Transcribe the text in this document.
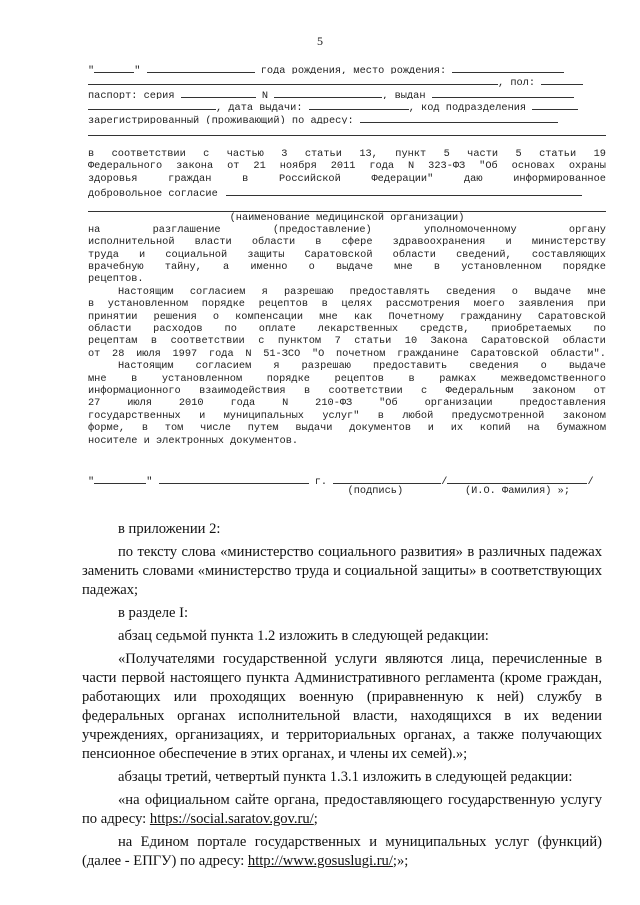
5
"	"	года рождения, место рождения:
, пол:
паспорт: серия	N	, выдан
, дата выдачи:	, код подразделения
зарегистрированный (проживающий) по адресу:
в соответствии с частью 3 статьи 13, пункт 5 части 5 статьи 19
Федерального закона от 21 ноября 2011 года N 323-ФЗ "Об основах охраны
здоровья	граждан	в	Российской	Федерации"	даю	информированное
добровольное согласие
(наименование медицинской организации)
на	разглашение	(предоставление)	уполномоченному	органу
исполнительной власти области в сфере здравоохранения и министерству
труда и социальной защиты Саратовской области сведений, составляющих
врачебную тайну, а именно о выдаче мне в установленном порядке
рецептов.
Настоящим согласием я разрешаю предоставлять сведения о выдаче мне
в установленном порядке рецептов в целях рассмотрения моего заявления при
принятии решения о компенсации мне как Почетному гражданину Саратовской
области расходов по оплате лекарственных средств, приобретаемых по
рецептам в соответствии с пунктом 7 статьи 10 Закона Саратовской области
от 28 июля 1997 года N 51-ЗСО "О почетном гражданине Саратовской области".
Настоящим согласием я разрешаю предоставить сведения о выдаче
мне в установленном порядке рецептов в рамках межведомственного
информационного взаимодействия в соответствии с Федеральным законом от
27	июля	2010	года	N	210-ФЗ	"Об	организации	предоставления
государственных и муниципальных услуг" в любой предусмотренной законом
форме, в том числе путем выдачи документов и их копий на бумажном
носителе и электронных документов.
"	"	г.	/	/
(подпись)	(И.О. Фамилия) »;

в приложении 2:

по тексту слова «министерство социального развития» в различных падежах заменить словами «министерство труда и социальной защиты» в соответствующих падежах;

в разделе I:

абзац седьмой пункта 1.2 изложить в следующей редакции:

«Получателями государственной услуги являются лица, перечисленные в части первой настоящего пункта Административного регламента (кроме граждан, работающих или проходящих военную (приравненную к ней) службу в федеральных органах исполнительной власти, находящихся в их ведении учреждениях, организациях, и территориальных органах, а также получающих пенсионное обеспечение в этих органах, и члены их семей).»;

абзацы третий, четвертый пункта 1.3.1 изложить в следующей редакции:

«на официальном сайте органа, предоставляющего государственную услугу по адресу: https://social.saratov.gov.ru/;

на Едином портале государственных и муниципальных услуг (функций) (далее - ЕПГУ) по адресу: http://www.gosuslugi.ru/;»;
